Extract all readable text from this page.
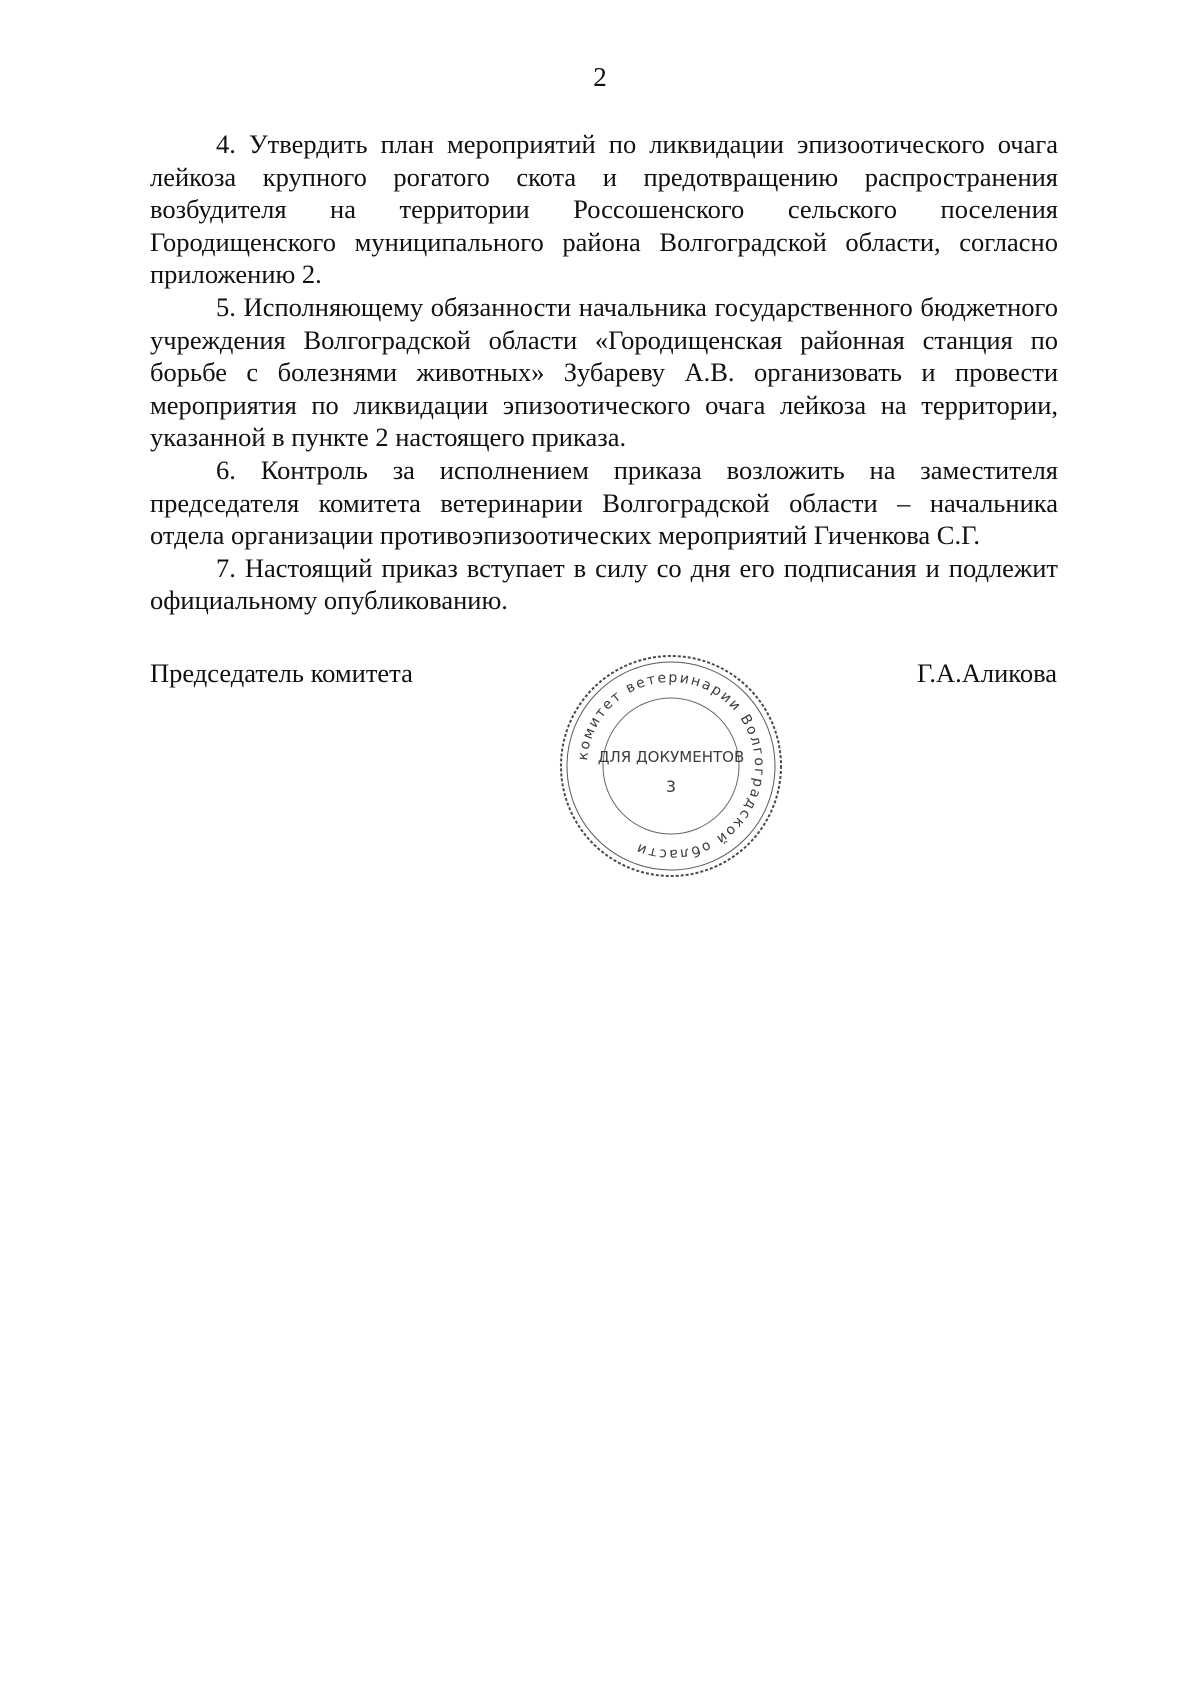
2

4. Утвердить план мероприятий по ликвидации эпизоотического очага лейкоза крупного рогатого скота и предотвращению распространения возбудителя на территории Россошенского сельского поселения Городищенского муниципального района Волгоградской области, согласно приложению 2.

5. Исполняющему обязанности начальника государственного бюджетного учреждения Волгоградской области «Городищенская районная станция по борьбе с болезнями животных» Зубареву А.В. организовать и провести мероприятия по ликвидации эпизоотического очага лейкоза на территории, указанной в пункте 2 настоящего приказа.

6. Контроль за исполнением приказа возложить на заместителя председателя комитета ветеринарии Волгоградской области – начальника отдела организации противоэпизоотических мероприятий Гиченкова С.Г.

7. Настоящий приказ вступает в силу со дня его подписания и подлежит официальному опубликованию.

Председатель комитета	Г.А.Аликова
комитет ветеринарии Волгоградской области
ДЛЯ ДОКУМЕНТОВ
3
